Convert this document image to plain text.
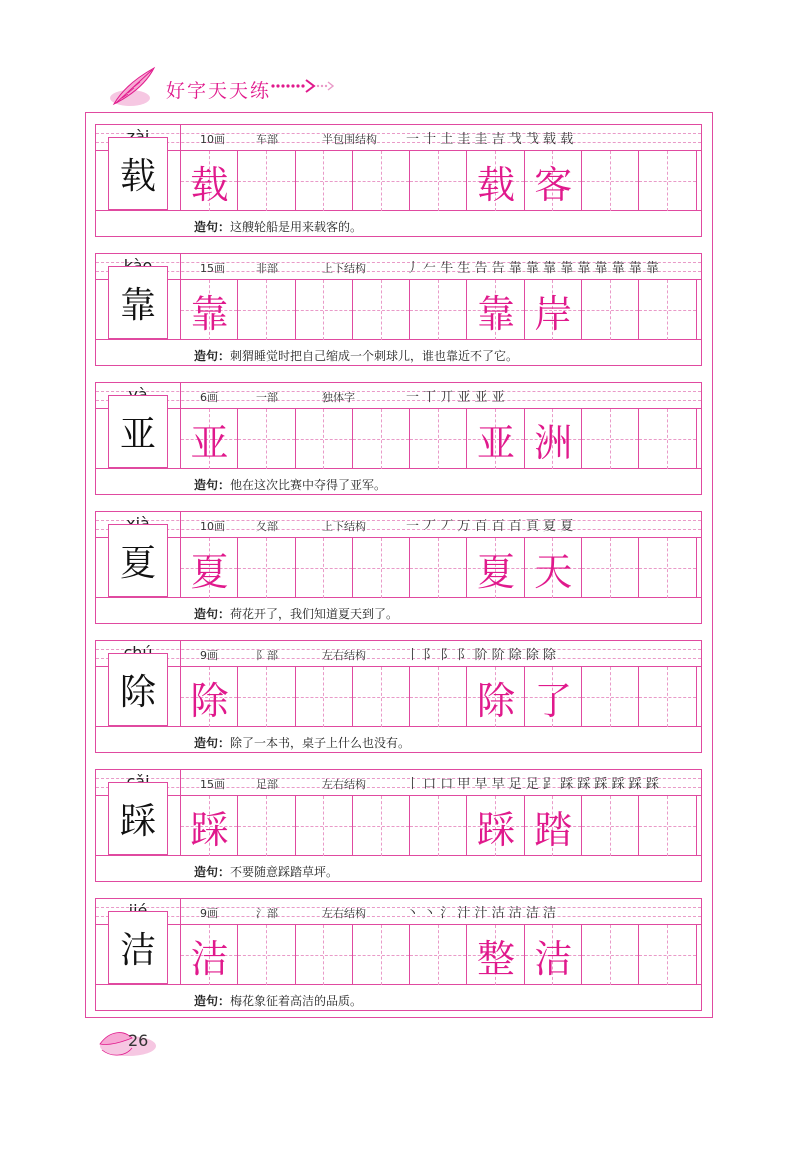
好字天天练
10画	车部	半包围结构 一 十 土 圭 圭 吉 𢦏 𢦏 载 载
载 载	载 客
造句： 这艘轮船是用来载客的。
15画	非部	上下结构	丿 𠂉 牛 生 告 告 靠 靠 靠 靠 靠 靠 靠 靠 靠
靠 靠	靠 岸
造句： 刺猬睡觉时把自己缩成一个刺球儿，谁也靠近不了它。
6画	一部	独体字	一 丅 丌 亚 亚 亚
亚 亚	亚 洲
造句： 他在这次比赛中夺得了亚军。
10画	夂部	上下结构	一 丆 丆 万 百 百 百 頁 夏 夏
夏 夏	夏 天
造句： 荷花开了，我们知道夏天到了。
9画	阝部	左右结构	丨 阝 阝 阝 阶 阶 除 除 除
除 除	除 了
造句： 除了一本书，桌子上什么也没有。
15画	足部	左右结构	丨 口 口 甲 早 早 足 足 𧾷 踩 踩 踩 踩 踩 踩
踩 踩	踩 踏
造句： 不要随意踩踏草坪。
9画	氵部	左右结构	丶 丶 氵 汁 汁 沽 沽 洁 洁
洁 洁	整 洁
造句： 梅花象征着高洁的品质。
26
